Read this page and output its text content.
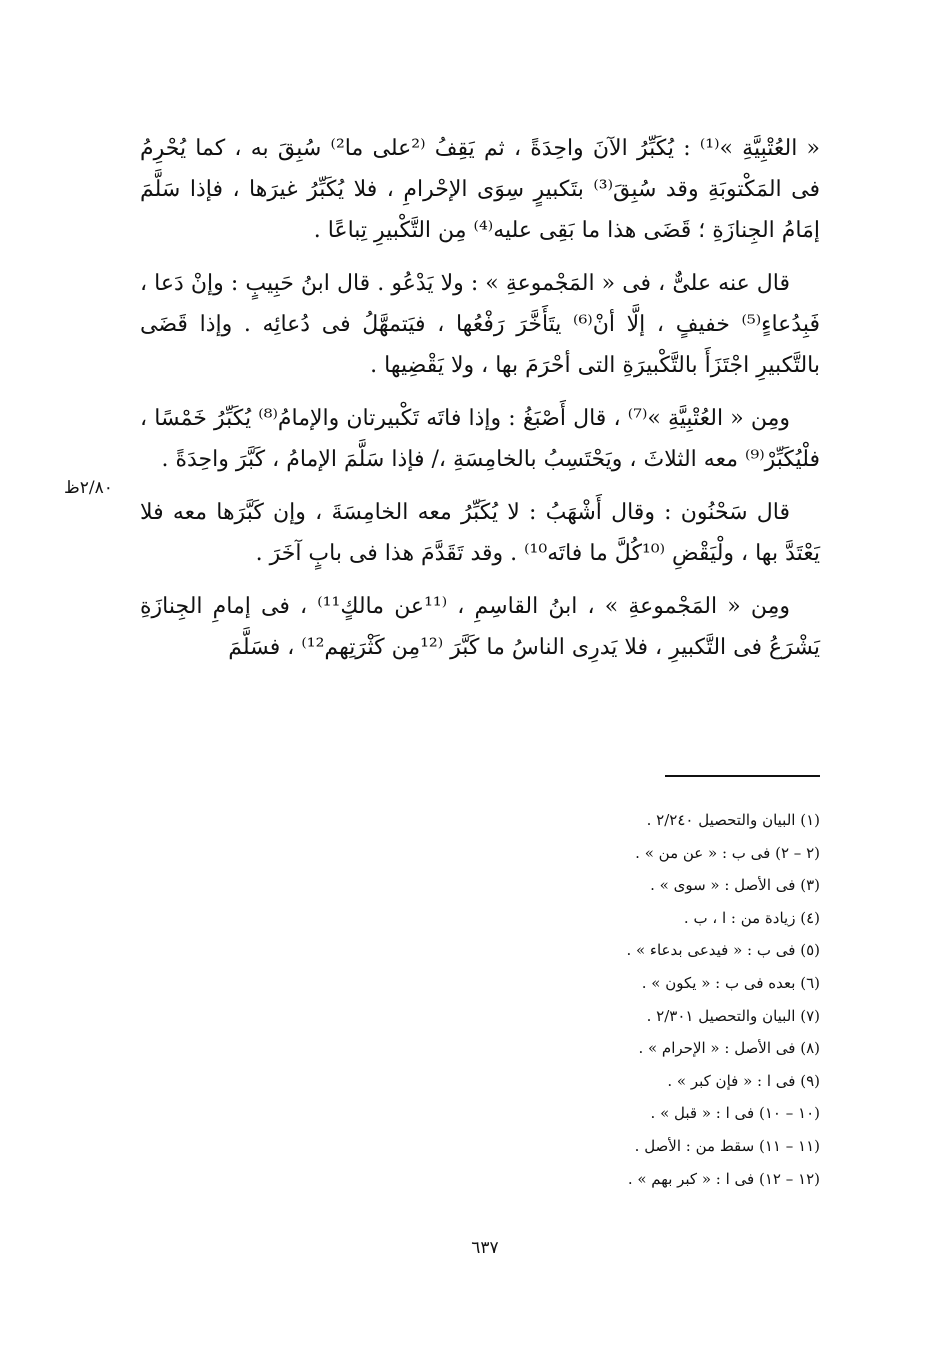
« العُتْبِيَّةِ »⁽¹⁾ : يُكَبِّرُ الآنَ واحِدَةً ، ثم يَقِفُ ⁽²على ما²⁾ سُبِقَ به ، كما يُحْرِمُ فى المَكْتوبَةِ وقد سُبِقَ⁽³⁾ بتَكبيرٍ سِوَى الإحْرامِ ، فلا يُكَبِّرُ غيرَها ، فإذا سَلَّمَ إمَامُ الجِنازَةِ ؛ قَضَى هذا ما بَقِى عليه⁽⁴⁾ مِن التَّكْبيرِ تِباعًا .

قال عنه علىٌّ ، فى « المَجْموعةِ » : ولا يَدْعُو . قال ابنُ حَبِيبٍ : وإنْ دَعا ، فَبِدُعاءٍ⁽⁵⁾ خفيفٍ ، إلَّا أنْ⁽⁶⁾ يتَأَخَّرَ رَفْعُها ، فيَتمهَّلُ فى دُعائِه . وإذا قَضَى بالتَّكبيرِ اجْتَزَأَ بالتَّكْبيرَةِ التى أحْرَمَ بها ، ولا يَقْضِيها .

ومِن « العُتْبِيَّةِ »⁽⁷⁾ ، قال أَصْبَغُ : وإذا فاتَه تَكْبيرتان والإمامُ⁽⁸⁾ يُكَبِّرُ خَمْسًا ، فلْيُكَبِّرْ⁽⁹⁾ معه الثلاثَ ، ويَحْتَسِبُ بالخامِسَةِ ،/ فإذا سَلَّمَ الإمامُ ، كَبَّرَ واحِدَةً .

قال سَحْنُون : وقال أَشْهَبُ : لا يُكَبِّرُ معه الخامِسَةَ ، وإن كَبَّرَها معه فلا يَعْتَدَّ بها ، ولْيَقْضِ ⁽¹⁰كُلَّ ما فاتَه¹⁰⁾ . وقد تَقَدَّمَ هذا فى بابٍ آخَرَ .

ومِن « المَجْموعةِ » ، ابنُ القاسِمِ ، ⁽¹¹عن مالكٍ¹¹⁾ ، فى إمامِ الجِنازَةِ يَشْرَعُ فى التَّكبيرِ ، فلا يَدرِى الناسُ ما كَبَّرَ ⁽¹²مِن كَثْرَتِهم¹²⁾ ، فسَلَّمَ

٢/٨٠ظ

(١) البيان والتحصيل ٢/٢٤٠ .

(٢ – ٢) فى ب : « عن من » .

(٣) فى الأصل : « سوى » .

(٤) زيادة من : ا ، ب .

(٥) فى ب : « فيدعى بدعاء » .

(٦) بعده فى ب : « يكون » .

(٧) البيان والتحصيل ٢/٣٠١ .

(٨) فى الأصل : « الإحرام » .

(٩) فى ا : « فإن كبر » .

(١٠ – ١٠) فى ا : « قبل » .

(١١ – ١١) سقط من : الأصل .

(١٢ – ١٢) فى ا : « كبر بهم » .

٦٣٧
